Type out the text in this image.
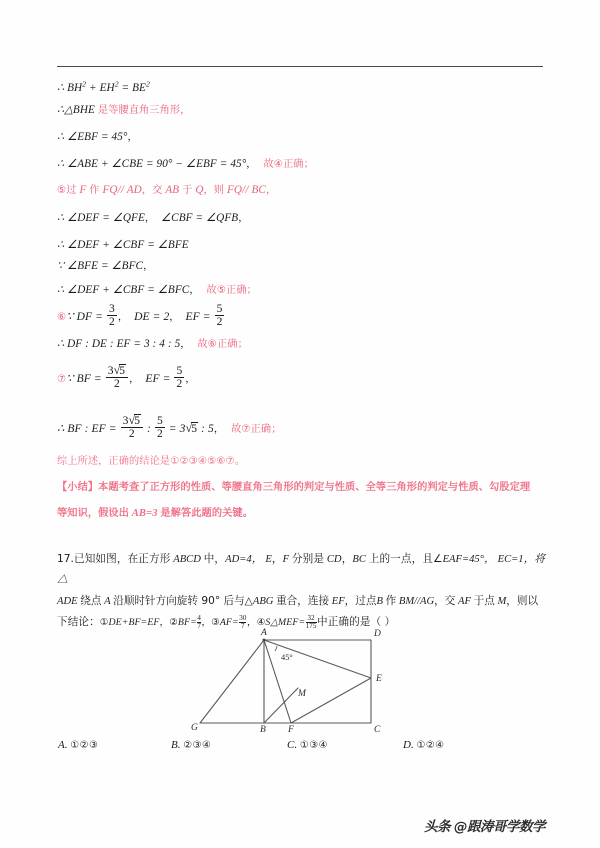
∴ $BH^2 + EH^2 = BE^2$
∴△BHE 是等腰直角三角形，
∴ ∠EBF = 45°，
∴ ∠ABE + ∠CBE = 90° − ∠EBF = 45°， 故④正确；
⑤过 F 作 FQ// AD，交 AB 于 Q，则 FQ// BC，
∴ ∠DEF = ∠QFE，  ∠CBF = ∠QFB，
∴ ∠DEF + ∠CBF = ∠BFE
∵ ∠BFE = ∠BFC，
∴ ∠DEF + ∠CBF = ∠BFC， 故⑤正确；
⑥∵ DF = $\frac{3}{2}$ ， DE = 2， EF = $\frac{5}{2}$
∴ DF : DE : EF = 3 : 4 : 5， 故⑥正确；
⑦∵ BF = $\frac{3√5}{2}$ ， EF = $\frac{5}{2}$ ，
∴ BF : EF = $\frac{3√5}{2}$ : $\frac{5}{2} = 3√5$ : 5， 故⑦正确；
综上所述，正确的结论是①②③④⑤⑥⑦。
【小结】本题考查了正方形的性质、等腰直角三角形的判定与性质、全等三角形的判定与性质、勾股定理
等知识，假设出 AB=3 是解答此题的关键。
17.已知如图，在正方形 ABCD 中，AD=4， E，F 分别是 CD，BC 上的一点，且∠EAF=45°， EC=1，将△
ADE 绕点 A 沿顺时针方向旋转 90° 后与△ABG 重合，连接 EF，过点B 作 BM//AG，交 AF 于点 M，则以
下结论：①DE+BF=EF，②BF= $\frac{4}{7}$ ，③AF= $\frac{30}{7}$ ，④S△MEF= $\frac{32}{175}$ 中正确的是（ ）
A	D
E
C
B F
G
M
45°
A. ①②③	B. ②③④	C. ①③④	D. ①②④
头条 @跟涛哥学数学
